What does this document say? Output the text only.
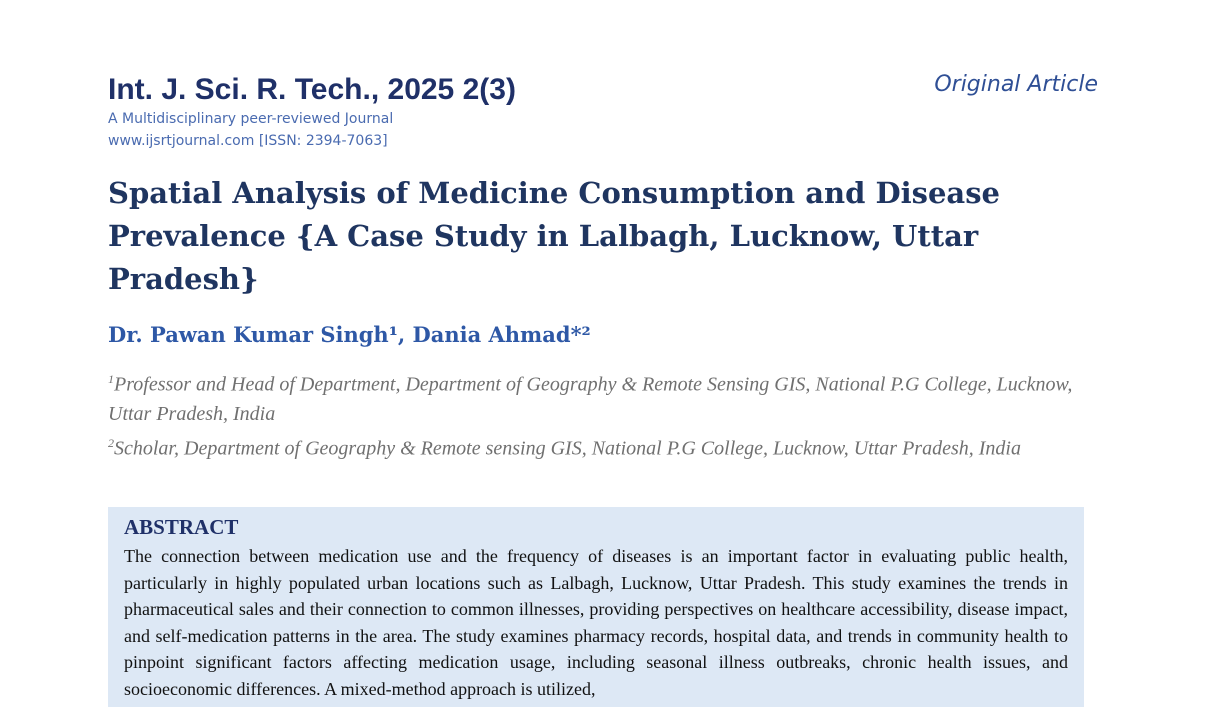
Int. J. Sci. R. Tech., 2025 2(3)	Original Article
A Multidisciplinary peer-reviewed Journal
www.ijsrtjournal.com [ISSN: 2394-7063]
Spatial Analysis of Medicine Consumption and Disease Prevalence {A Case Study in Lalbagh, Lucknow, Uttar Pradesh}
Dr. Pawan Kumar Singh¹, Dania Ahmad*²
$^1$Professor and Head of Department, Department of Geography & Remote Sensing GIS, National P.G College, Lucknow, Uttar Pradesh, India
$^2$Scholar, Department of Geography & Remote sensing GIS, National P.G College, Lucknow, Uttar Pradesh, India
ABSTRACT

The connection between medication use and the frequency of diseases is an important factor in evaluating public health, particularly in highly populated urban locations such as Lalbagh, Lucknow, Uttar Pradesh. This study examines the trends in pharmaceutical sales and their connection to common illnesses, providing perspectives on healthcare accessibility, disease impact, and self-medication patterns in the area. The study examines pharmacy records, hospital data, and trends in community health to pinpoint significant factors affecting medication usage, including seasonal illness outbreaks, chronic health issues, and socioeconomic differences. A mixed-method approach is utilized,
